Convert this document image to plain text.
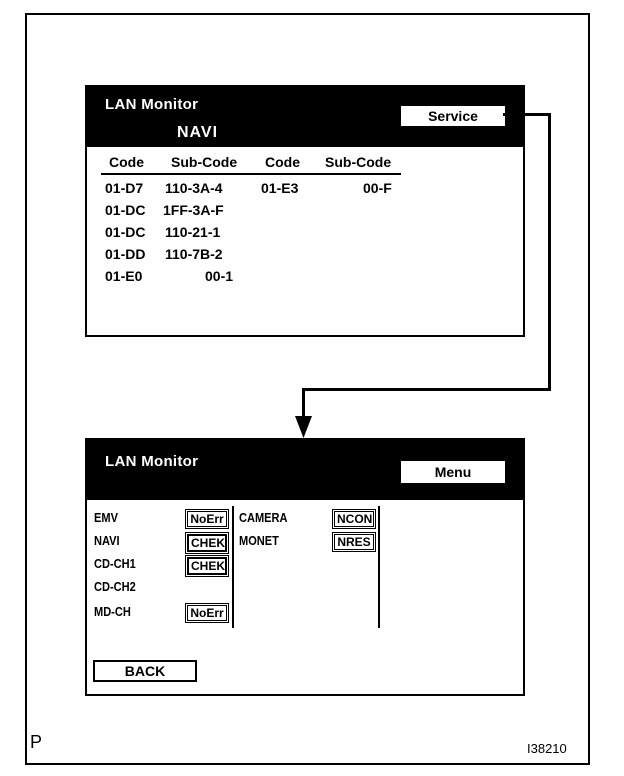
LAN Monitor
NAVI
Service
Code Sub-Code Code Sub-Code
01-D7 110-3A-4	01-E3	00-F
01-DC 1FF-3A-F
01-DC 110-21-1
01-DD 110-7B-2
01-E0	00-1
LAN Monitor
Menu
EMV	NoErr
NAVI	CHEK
CD-CH1	CHEK
CD-CH2
MD-CH	NoErr
CAMERA	NCON
MONET	NRES
BACK
P	I38210
